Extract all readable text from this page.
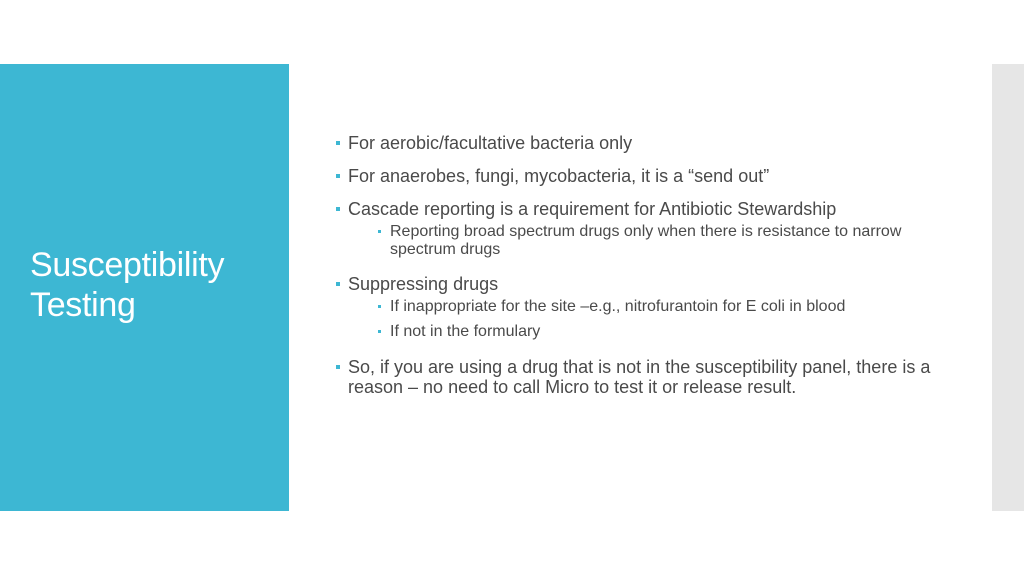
Susceptibility Testing
For aerobic/facultative bacteria only
For anaerobes, fungi, mycobacteria, it is a “send out”
Cascade reporting is a requirement for Antibiotic Stewardship
Reporting broad spectrum drugs only when there is resistance to narrow spectrum drugs
Suppressing drugs
If inappropriate for the site –e.g., nitrofurantoin for E coli in blood
If not in the formulary
So, if you are using a drug that is not in the susceptibility panel, there is a reason – no need to call Micro to test it or release result.
